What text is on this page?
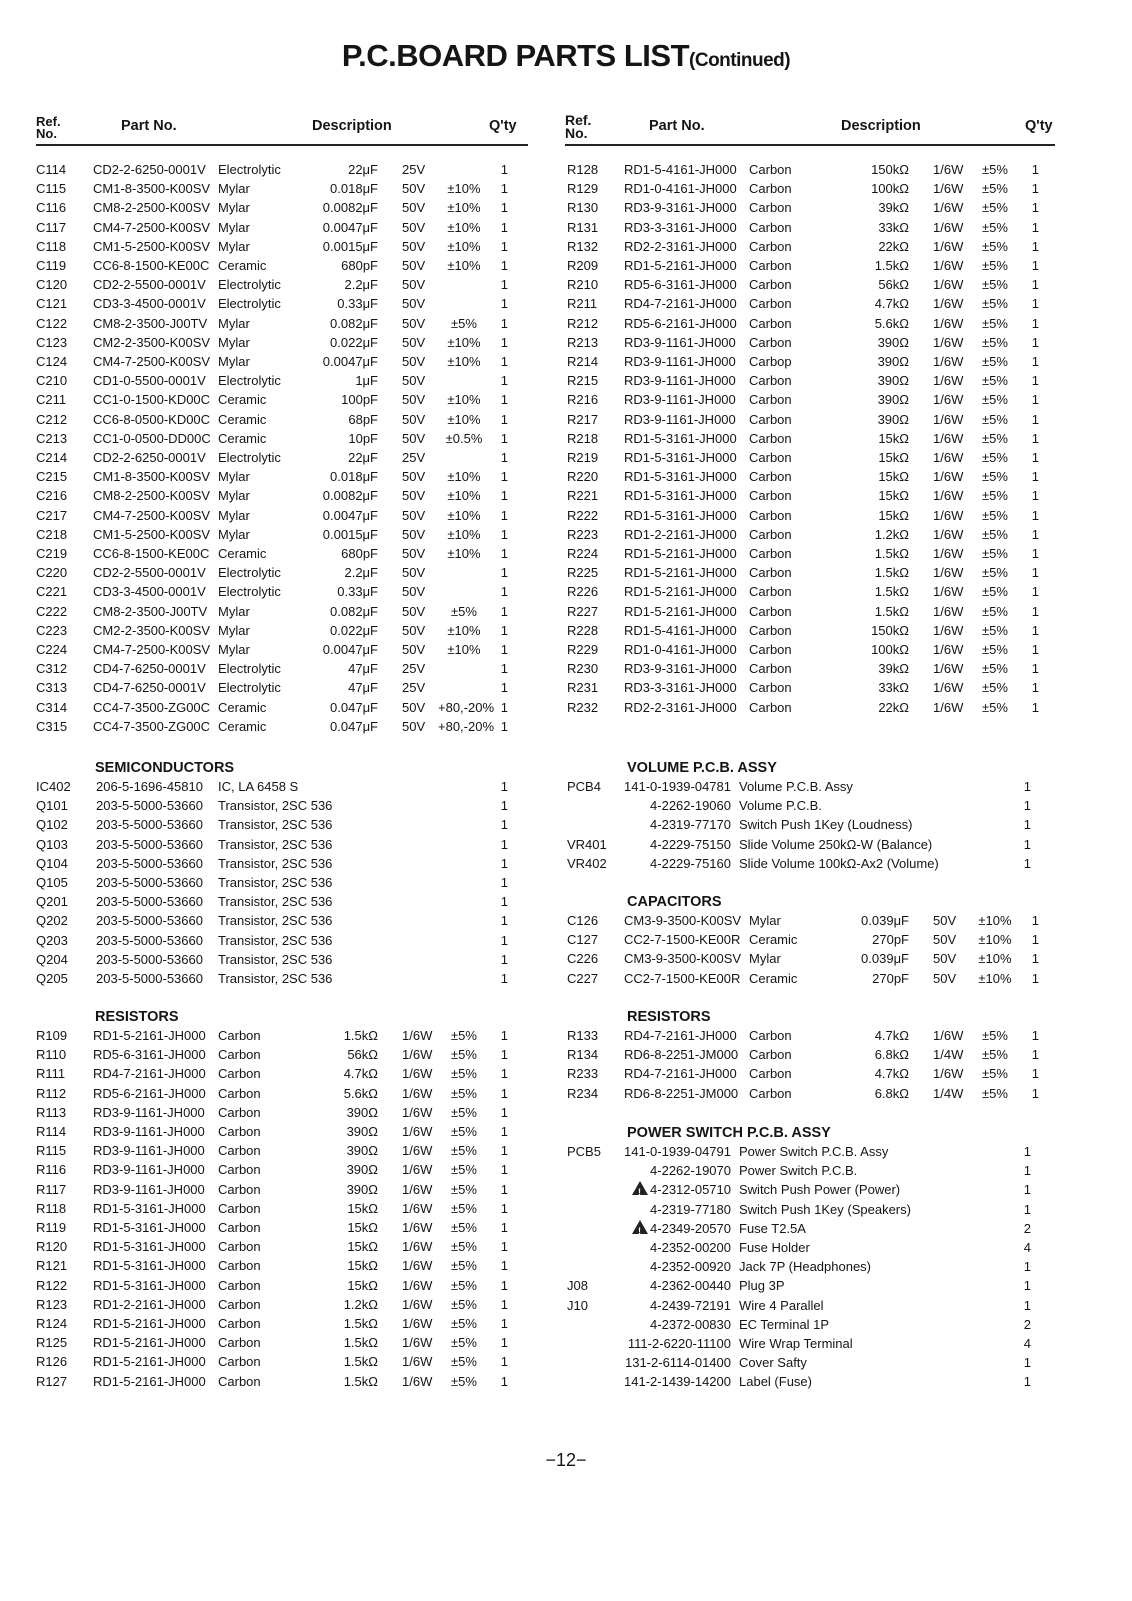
P.C.BOARD PARTS LIST(Continued)
Ref.
No.	Part No.	Description	Q'ty	Ref.
No.	Part No.	Description	Q'ty
C114 CD2-2-6250-0001V Electrolytic	22μF 25V	1
C115 CM1-8-3500-K00SV Mylar	0.018μF 50V	±10%	1
C116 CM8-2-2500-K00SV Mylar	0.0082μF 50V	±10%	1
C117 CM4-7-2500-K00SV Mylar	0.0047μF 50V	±10%	1
C118 CM1-5-2500-K00SV Mylar	0.0015μF 50V	±10%	1
C119 CC6-8-1500-KE00C Ceramic	680pF 50V	±10%	1
C120 CD2-2-5500-0001V Electrolytic	2.2μF 50V	1
C121 CD3-3-4500-0001V Electrolytic	0.33μF 50V	1
C122 CM8-2-3500-J00TV Mylar	0.082μF 50V	±5%	1
C123 CM2-2-3500-K00SV Mylar	0.022μF 50V	±10%	1
C124 CM4-7-2500-K00SV Mylar	0.0047μF 50V	±10%	1
C210 CD1-0-5500-0001V Electrolytic	1μF 50V	1
C211 CC1-0-1500-KD00C Ceramic	100pF 50V	±10%	1
C212 CC6-8-0500-KD00C Ceramic	68pF 50V	±10%	1
C213 CC1-0-0500-DD00C Ceramic	10pF 50V	±0.5%	1
C214 CD2-2-6250-0001V Electrolytic	22μF 25V	1
C215 CM1-8-3500-K00SV Mylar	0.018μF 50V	±10%	1
C216 CM8-2-2500-K00SV Mylar	0.0082μF 50V	±10%	1
C217 CM4-7-2500-K00SV Mylar	0.0047μF 50V	±10%	1
C218 CM1-5-2500-K00SV Mylar	0.0015μF 50V	±10%	1
C219 CC6-8-1500-KE00C Ceramic	680pF 50V	±10%	1
C220 CD2-2-5500-0001V Electrolytic	2.2μF 50V	1
C221 CD3-3-4500-0001V Electrolytic	0.33μF 50V	1
C222 CM8-2-3500-J00TV Mylar	0.082μF 50V	±5%	1
C223 CM2-2-3500-K00SV Mylar	0.022μF 50V	±10%	1
C224 CM4-7-2500-K00SV Mylar	0.0047μF 50V	±10%	1
C312 CD4-7-6250-0001V Electrolytic	47μF 25V	1
C313 CD4-7-6250-0001V Electrolytic	47μF 25V	1
C314 CC4-7-3500-ZG00C Ceramic	0.047μF 50V +80,-20% 1
C315 CC4-7-3500-ZG00C Ceramic	0.047μF 50V +80,-20% 1
IC402 206-5-1696-45810 IC, LA 6458 S	1
Q101 203-5-5000-53660 Transistor, 2SC 536	1
Q102 203-5-5000-53660 Transistor, 2SC 536	1
Q103 203-5-5000-53660 Transistor, 2SC 536	1
Q104 203-5-5000-53660 Transistor, 2SC 536	1
Q105 203-5-5000-53660 Transistor, 2SC 536	1
Q201 203-5-5000-53660 Transistor, 2SC 536	1
Q202 203-5-5000-53660 Transistor, 2SC 536	1
Q203 203-5-5000-53660 Transistor, 2SC 536	1
Q204 203-5-5000-53660 Transistor, 2SC 536	1
Q205 203-5-5000-53660 Transistor, 2SC 536	1
R109 RD1-5-2161-JH000 Carbon	1.5kΩ 1/6W	±5%	1
R110 RD5-6-3161-JH000 Carbon	56kΩ 1/6W	±5%	1
R111 RD4-7-2161-JH000 Carbon	4.7kΩ 1/6W	±5%	1
R112 RD5-6-2161-JH000 Carbon	5.6kΩ 1/6W	±5%	1
R113 RD3-9-1161-JH000 Carbon	390Ω 1/6W	±5%	1
R114 RD3-9-1161-JH000 Carbon	390Ω 1/6W	±5%	1
R115 RD3-9-1161-JH000 Carbon	390Ω 1/6W	±5%	1
R116 RD3-9-1161-JH000 Carbon	390Ω 1/6W	±5%	1
R117 RD3-9-1161-JH000 Carbon	390Ω 1/6W	±5%	1
R118 RD1-5-3161-JH000 Carbon	15kΩ 1/6W	±5%	1
R119 RD1-5-3161-JH000 Carbon	15kΩ 1/6W	±5%	1
R120 RD1-5-3161-JH000 Carbon	15kΩ 1/6W	±5%	1
R121 RD1-5-3161-JH000 Carbon	15kΩ 1/6W	±5%	1
R122 RD1-5-3161-JH000 Carbon	15kΩ 1/6W	±5%	1
R123 RD1-2-2161-JH000 Carbon	1.2kΩ 1/6W	±5%	1
R124 RD1-5-2161-JH000 Carbon	1.5kΩ 1/6W	±5%	1
R125 RD1-5-2161-JH000 Carbon	1.5kΩ 1/6W	±5%	1
R126 RD1-5-2161-JH000 Carbon	1.5kΩ 1/6W	±5%	1
R127 RD1-5-2161-JH000 Carbon	1.5kΩ 1/6W	±5%	1
R128 RD1-5-4161-JH000 Carbon	150kΩ 1/6W	±5%	1
R129 RD1-0-4161-JH000 Carbon	100kΩ 1/6W	±5%	1
R130 RD3-9-3161-JH000 Carbon	39kΩ 1/6W	±5%	1
R131 RD3-3-3161-JH000 Carbon	33kΩ 1/6W	±5%	1
R132 RD2-2-3161-JH000 Carbon	22kΩ 1/6W	±5%	1
R209 RD1-5-2161-JH000 Carbon	1.5kΩ 1/6W	±5%	1
R210 RD5-6-3161-JH000 Carbon	56kΩ 1/6W	±5%	1
R211 RD4-7-2161-JH000 Carbon	4.7kΩ 1/6W	±5%	1
R212 RD5-6-2161-JH000 Carbon	5.6kΩ 1/6W	±5%	1
R213 RD3-9-1161-JH000 Carbon	390Ω 1/6W	±5%	1
R214 RD3-9-1161-JH000 Carbop	390Ω 1/6W	±5%	1
R215 RD3-9-1161-JH000 Carbon	390Ω 1/6W	±5%	1
R216 RD3-9-1161-JH000 Carbon	390Ω 1/6W	±5%	1
R217 RD3-9-1161-JH000 Carbon	390Ω 1/6W	±5%	1
R218 RD1-5-3161-JH000 Carbon	15kΩ 1/6W	±5%	1
R219 RD1-5-3161-JH000 Carbon	15kΩ 1/6W	±5%	1
R220 RD1-5-3161-JH000 Carbon	15kΩ 1/6W	±5%	1
R221 RD1-5-3161-JH000 Carbon	15kΩ 1/6W	±5%	1
R222 RD1-5-3161-JH000 Carbon	15kΩ 1/6W	±5%	1
R223 RD1-2-2161-JH000 Carbon	1.2kΩ 1/6W	±5%	1
R224 RD1-5-2161-JH000 Carbon	1.5kΩ 1/6W	±5%	1
R225 RD1-5-2161-JH000 Carbon	1.5kΩ 1/6W	±5%	1
R226 RD1-5-2161-JH000 Carbon	1.5kΩ 1/6W	±5%	1
R227 RD1-5-2161-JH000 Carbon	1.5kΩ 1/6W	±5%	1
R228 RD1-5-4161-JH000 Carbon	150kΩ 1/6W	±5%	1
R229 RD1-0-4161-JH000 Carbon	100kΩ 1/6W	±5%	1
R230 RD3-9-3161-JH000 Carbon	39kΩ 1/6W	±5%	1
R231 RD3-3-3161-JH000 Carbon	33kΩ 1/6W	±5%	1
R232 RD2-2-3161-JH000 Carbon	22kΩ 1/6W	±5%	1
PCB4	141-0-1939-04781 Volume P.C.B. Assy	1
4-2262-19060 Volume P.C.B.	1
4-2319-77170 Switch Push 1Key (Loudness)	1
VR401	4-2229-75150 Slide Volume 250kΩ-W (Balance)	1
VR402	4-2229-75160 Slide Volume 100kΩ-Ax2 (Volume)	1
C126 CM3-9-3500-K00SV Mylar	0.039μF 50V	±10%	1
C127 CC2-7-1500-KE00R Ceramic	270pF 50V	±10%	1
C226 CM3-9-3500-K00SV Mylar	0.039μF 50V	±10%	1
C227 CC2-7-1500-KE00R Ceramic	270pF 50V	±10%	1
R133 RD4-7-2161-JH000 Carbon	4.7kΩ 1/6W	±5%	1
R134 RD6-8-2251-JM000 Carbon	6.8kΩ 1/4W	±5%	1
R233 RD4-7-2161-JH000 Carbon	4.7kΩ 1/6W	±5%	1
R234 RD6-8-2251-JM000 Carbon	6.8kΩ 1/4W	±5%	1
PCB5	141-0-1939-04791 Power Switch P.C.B. Assy	1
4-2262-19070 Power Switch P.C.B.	1
!4-2312-05710 Switch Push Power (Power)	1
4-2319-77180 Switch Push 1Key (Speakers)	1
!4-2349-20570 Fuse T2.5A	2
4-2352-00200 Fuse Holder	4
4-2352-00920 Jack 7P (Headphones)	1
J08	4-2362-00440 Plug 3P	1
J10	4-2439-72191 Wire 4 Parallel	1
4-2372-00830 EC Terminal 1P	2
111-2-6220-11100 Wire Wrap Terminal	4
131-2-6114-01400 Cover Safty	1
141-2-1439-14200 Label (Fuse)	1
SEMICONDUCTORS
RESISTORS
VOLUME P.C.B. ASSY
CAPACITORS
RESISTORS
POWER SWITCH P.C.B. ASSY
−12−
